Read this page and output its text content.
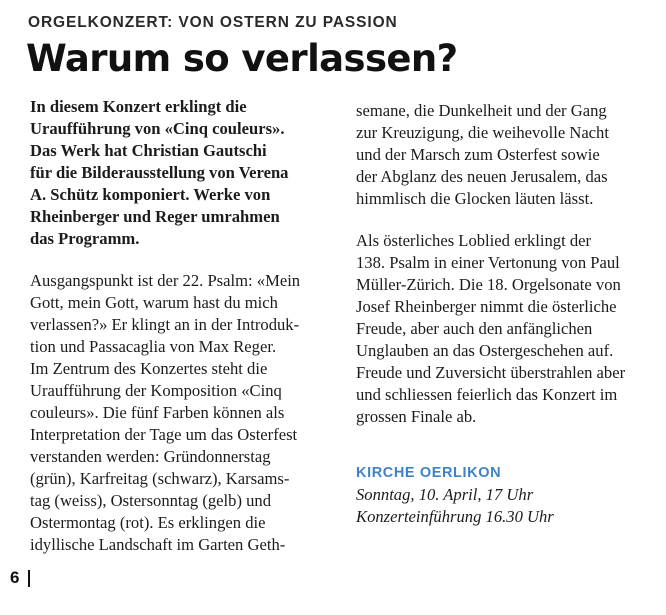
ORGELKONZERT: VON OSTERN ZU PASSION
Warum so verlassen?
In diesem Konzert erklingt die
Uraufführung von «Cinq couleurs».
Das Werk hat Christian Gautschi
für die Bilderausstellung von Verena
A. Schütz komponiert. Werke von
Rheinberger und Reger umrahmen
das Programm.
Ausgangspunkt ist der 22. Psalm: «Mein
Gott, mein Gott, warum hast du mich
verlassen?» Er klingt an in der Introduk-
tion und Passacaglia von Max Reger.
Im Zentrum des Konzertes steht die
Uraufführung der Komposition «Cinq
couleurs». Die fünf Farben können als
Interpretation der Tage um das Osterfest
verstanden werden: Gründonnerstag
(grün), Karfreitag (schwarz), Karsams-
tag (weiss), Ostersonntag (gelb) und
Ostermontag (rot). Es erklingen die
idyllische Landschaft im Garten Geth-
semane, die Dunkelheit und der Gang
zur Kreuzigung, die weihevolle Nacht
und der Marsch zum Osterfest sowie
der Abglanz des neuen Jerusalem, das
himmlisch die Glocken läuten lässt.
Als österliches Loblied erklingt der
138. Psalm in einer Vertonung von Paul
Müller-Zürich. Die 18. Orgelsonate von
Josef Rheinberger nimmt die österliche
Freude, aber auch den anfänglichen
Unglauben an das Ostergeschehen auf.
Freude und Zuversicht überstrahlen aber
und schliessen feierlich das Konzert im
grossen Finale ab.
KIRCHE OERLIKON
Sonntag, 10. April, 17 Uhr
Konzerteinführung 16.30 Uhr
6
